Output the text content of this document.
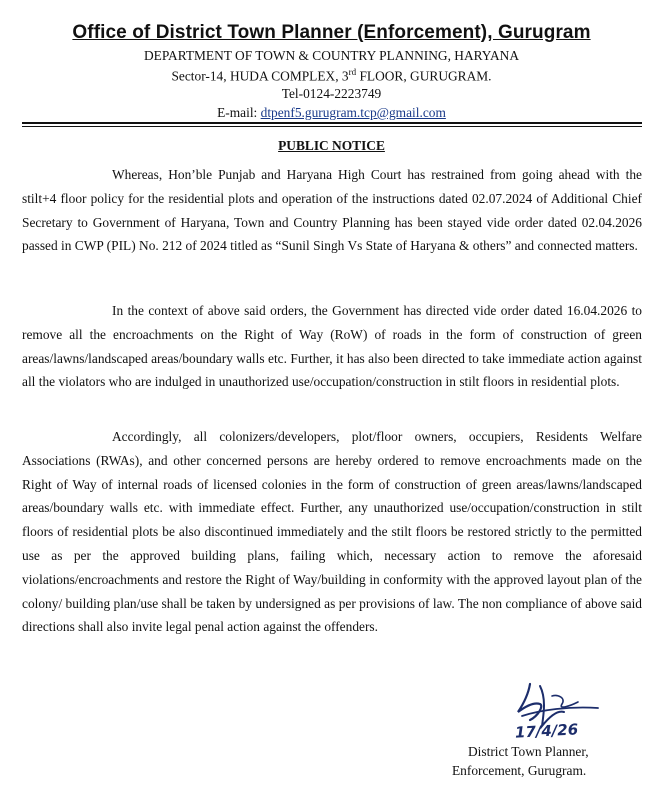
Office of District Town Planner (Enforcement), Gurugram
DEPARTMENT OF TOWN & COUNTRY PLANNING, HARYANA
Sector-14, HUDA COMPLEX, 3rd FLOOR, GURUGRAM.
Tel-0124-2223749
E-mail: dtpenf5.gurugram.tcp@gmail.com
PUBLIC NOTICE

Whereas, Hon’ble Punjab and Haryana High Court has restrained from going ahead with the stilt+4 floor policy for the residential plots and operation of the instructions dated 02.07.2024 of Additional Chief Secretary to Government of Haryana, Town and Country Planning has been stayed vide order dated 02.04.2026 passed in CWP (PIL) No. 212 of 2024 titled as “Sunil Singh Vs State of Haryana & others” and connected matters.

In the context of above said orders, the Government has directed vide order dated 16.04.2026 to remove all the encroachments on the Right of Way (RoW) of roads in the form of construction of green areas/lawns/landscaped areas/boundary walls etc. Further, it has also been directed to take immediate action against all the violators who are indulged in unauthorized use/occupation/construction in stilt floors in residential plots.

Accordingly, all colonizers/developers, plot/floor owners, occupiers, Residents Welfare Associations (RWAs), and other concerned persons are hereby ordered to remove encroachments made on the Right of Way of internal roads of licensed colonies in the form of construction of green areas/lawns/landscaped areas/boundary walls etc. with immediate effect. Further, any unauthorized use/occupation/construction in stilt floors of residential plots be also discontinued immediately and the stilt floors be restored strictly to the permitted use as per the approved building plans, failing which, necessary action to remove the aforesaid violations/encroachments and restore the Right of Way/building in conformity with the approved layout plan of the colony/ building plan/use shall be taken by undersigned as per provisions of law. The non compliance of above said directions shall also invite legal penal action against the offenders.

17/4/26
District Town Planner,
Enforcement, Gurugram.
